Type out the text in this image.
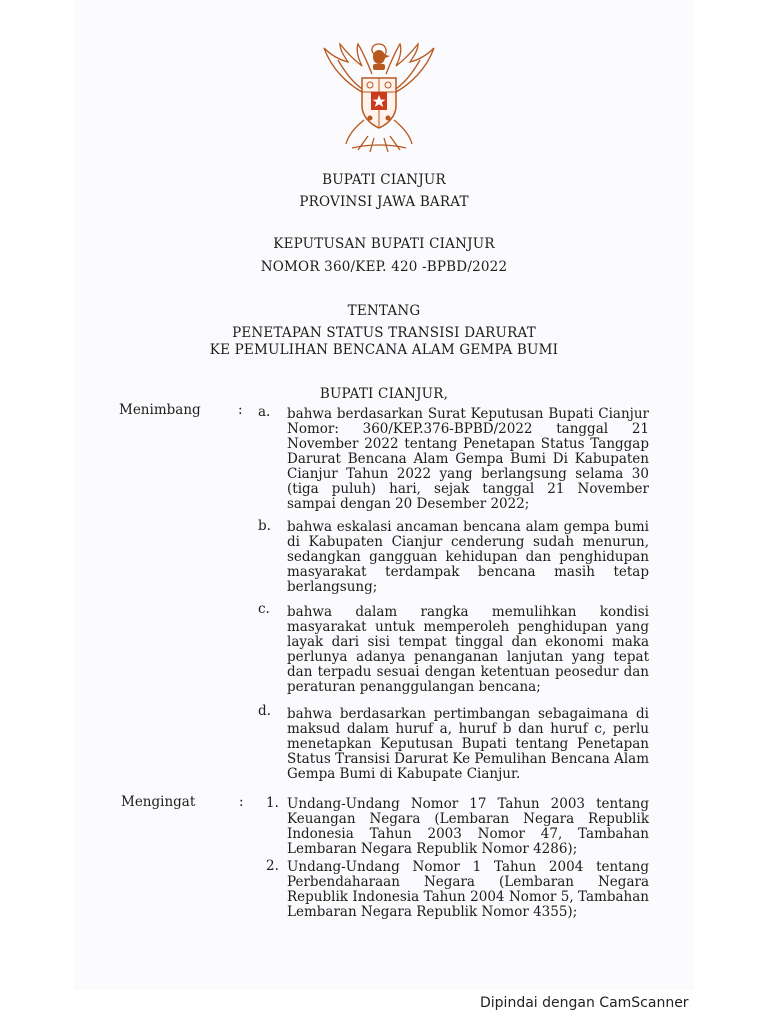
BUPATI CIANJUR
PROVINSI JAWA BARAT
KEPUTUSAN BUPATI CIANJUR
NOMOR 360/KEP. 420 -BPBD/2022
TENTANG
PENETAPAN STATUS TRANSISI DARURAT
KE PEMULIHAN BENCANA ALAM GEMPA BUMI
BUPATI CIANJUR,
Menimbang	: a. bahwa berdasarkan Surat Keputusan Bupati Cianjur Nomor: 360/KEP.376-BPBD/2022 tanggal 21 November 2022 tentang Penetapan Status Tanggap Darurat Bencana Alam Gempa Bumi Di Kabupaten Cianjur Tahun 2022 yang berlangsung selama 30 (tiga puluh) hari, sejak tanggal 21 November sampai dengan 20 Desember 2022;
b. bahwa eskalasi ancaman bencana alam gempa bumi di Kabupaten Cianjur cenderung sudah menurun, sedangkan gangguan kehidupan dan penghidupan masyarakat terdampak bencana masih tetap berlangsung;
c. bahwa dalam rangka memulihkan kondisi masyarakat untuk memperoleh penghidupan yang layak dari sisi tempat tinggal dan ekonomi maka perlunya adanya penanganan lanjutan yang tepat dan terpadu sesuai dengan ketentuan peosedur dan peraturan penanggulangan bencana;
d. bahwa berdasarkan pertimbangan sebagaimana di maksud dalam huruf a, huruf b dan huruf c, perlu menetapkan Keputusan Bupati tentang Penetapan Status Transisi Darurat Ke Pemulihan Bencana Alam Gempa Bumi di Kabupate Cianjur.
Mengingat	: 1. Undang-Undang Nomor 17 Tahun 2003 tentang Keuangan Negara (Lembaran Negara Republik Indonesia Tahun 2003 Nomor 47, Tambahan Lembaran Negara Republik Nomor 4286);
2. Undang-Undang Nomor 1 Tahun 2004 tentang Perbendaharaan Negara (Lembaran Negara Republik Indonesia Tahun 2004 Nomor 5, Tambahan Lembaran Negara Republik Nomor 4355);
Dipindai dengan CamScanner
